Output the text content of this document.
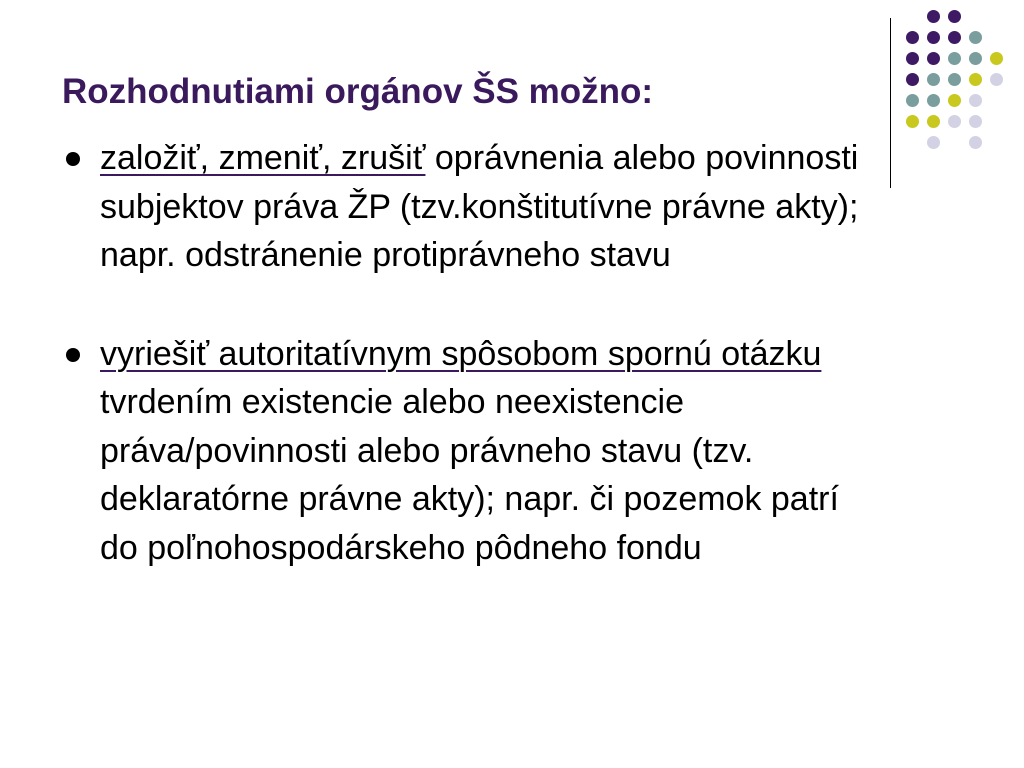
Rozhodnutiami orgánov ŠS možno:
založiť, zmeniť, zrušiť oprávnenia alebo povinnosti subjektov práva ŽP (tzv.konštitutívne právne akty); napr. odstránenie protiprávneho stavu
vyriešiť autoritatívnym spôsobom spornú otázku tvrdením existencie alebo neexistencie práva/povinnosti alebo právneho stavu (tzv. deklaratórne právne akty); napr. či pozemok patrí do poľnohospodárskeho pôdneho fondu
